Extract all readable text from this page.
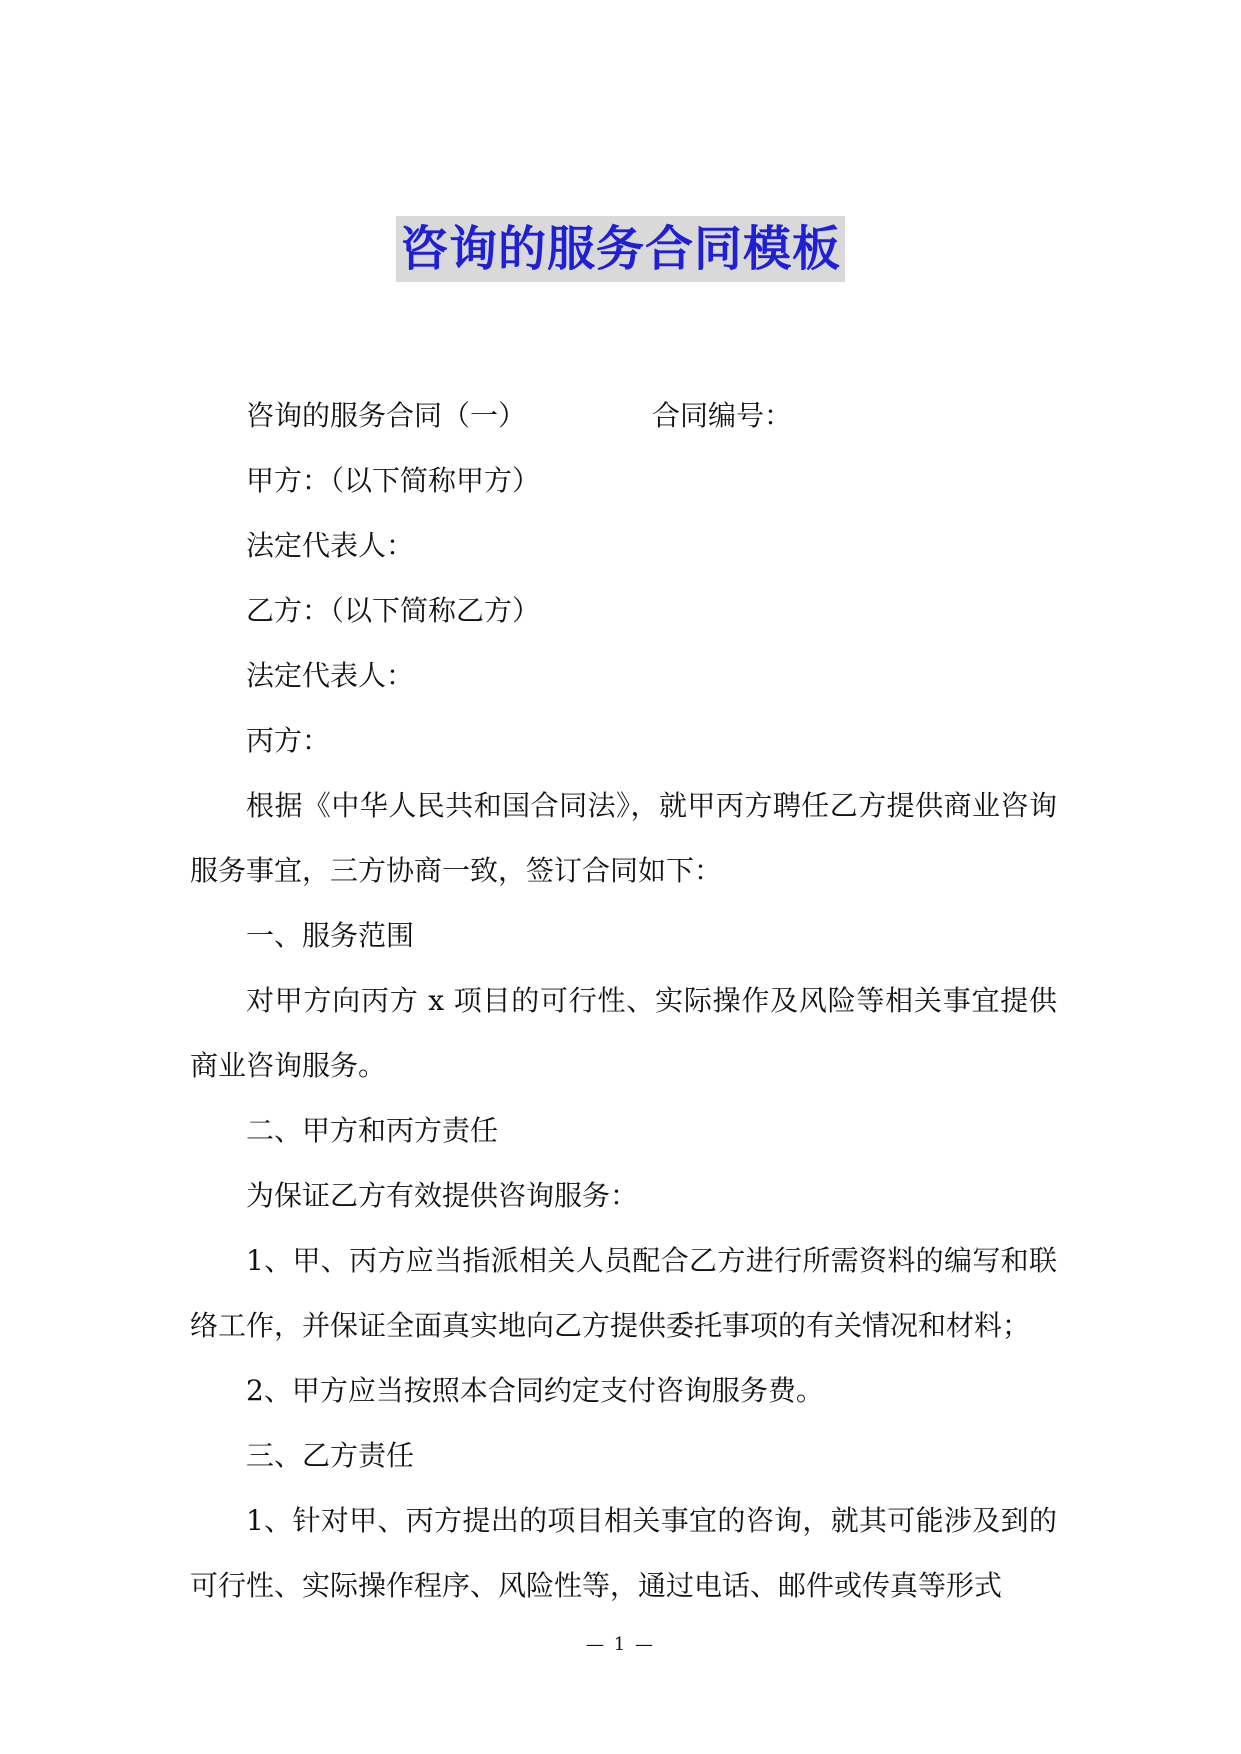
咨询的服务合同模板

咨询的服务合同（一）	合同编号：

甲方：（以下简称甲方）

法定代表人：

乙方：（以下简称乙方）

法定代表人：

丙方：

根据《中华人民共和国合同法》，就甲丙方聘任乙方提供商业咨询服务事宜，三方协商一致，签订合同如下：

一、服务范围

对甲方向丙方 x 项目的可行性、实际操作及风险等相关事宜提供商业咨询服务。

二、甲方和丙方责任

为保证乙方有效提供咨询服务：

1、甲、丙方应当指派相关人员配合乙方进行所需资料的编写和联络工作，并保证全面真实地向乙方提供委托事项的有关情况和材料；

2、甲方应当按照本合同约定支付咨询服务费。

三、乙方责任

1、针对甲、丙方提出的项目相关事宜的咨询，就其可能涉及到的可行性、实际操作程序、风险性等，通过电话、邮件或传真等形式

— 1 —
